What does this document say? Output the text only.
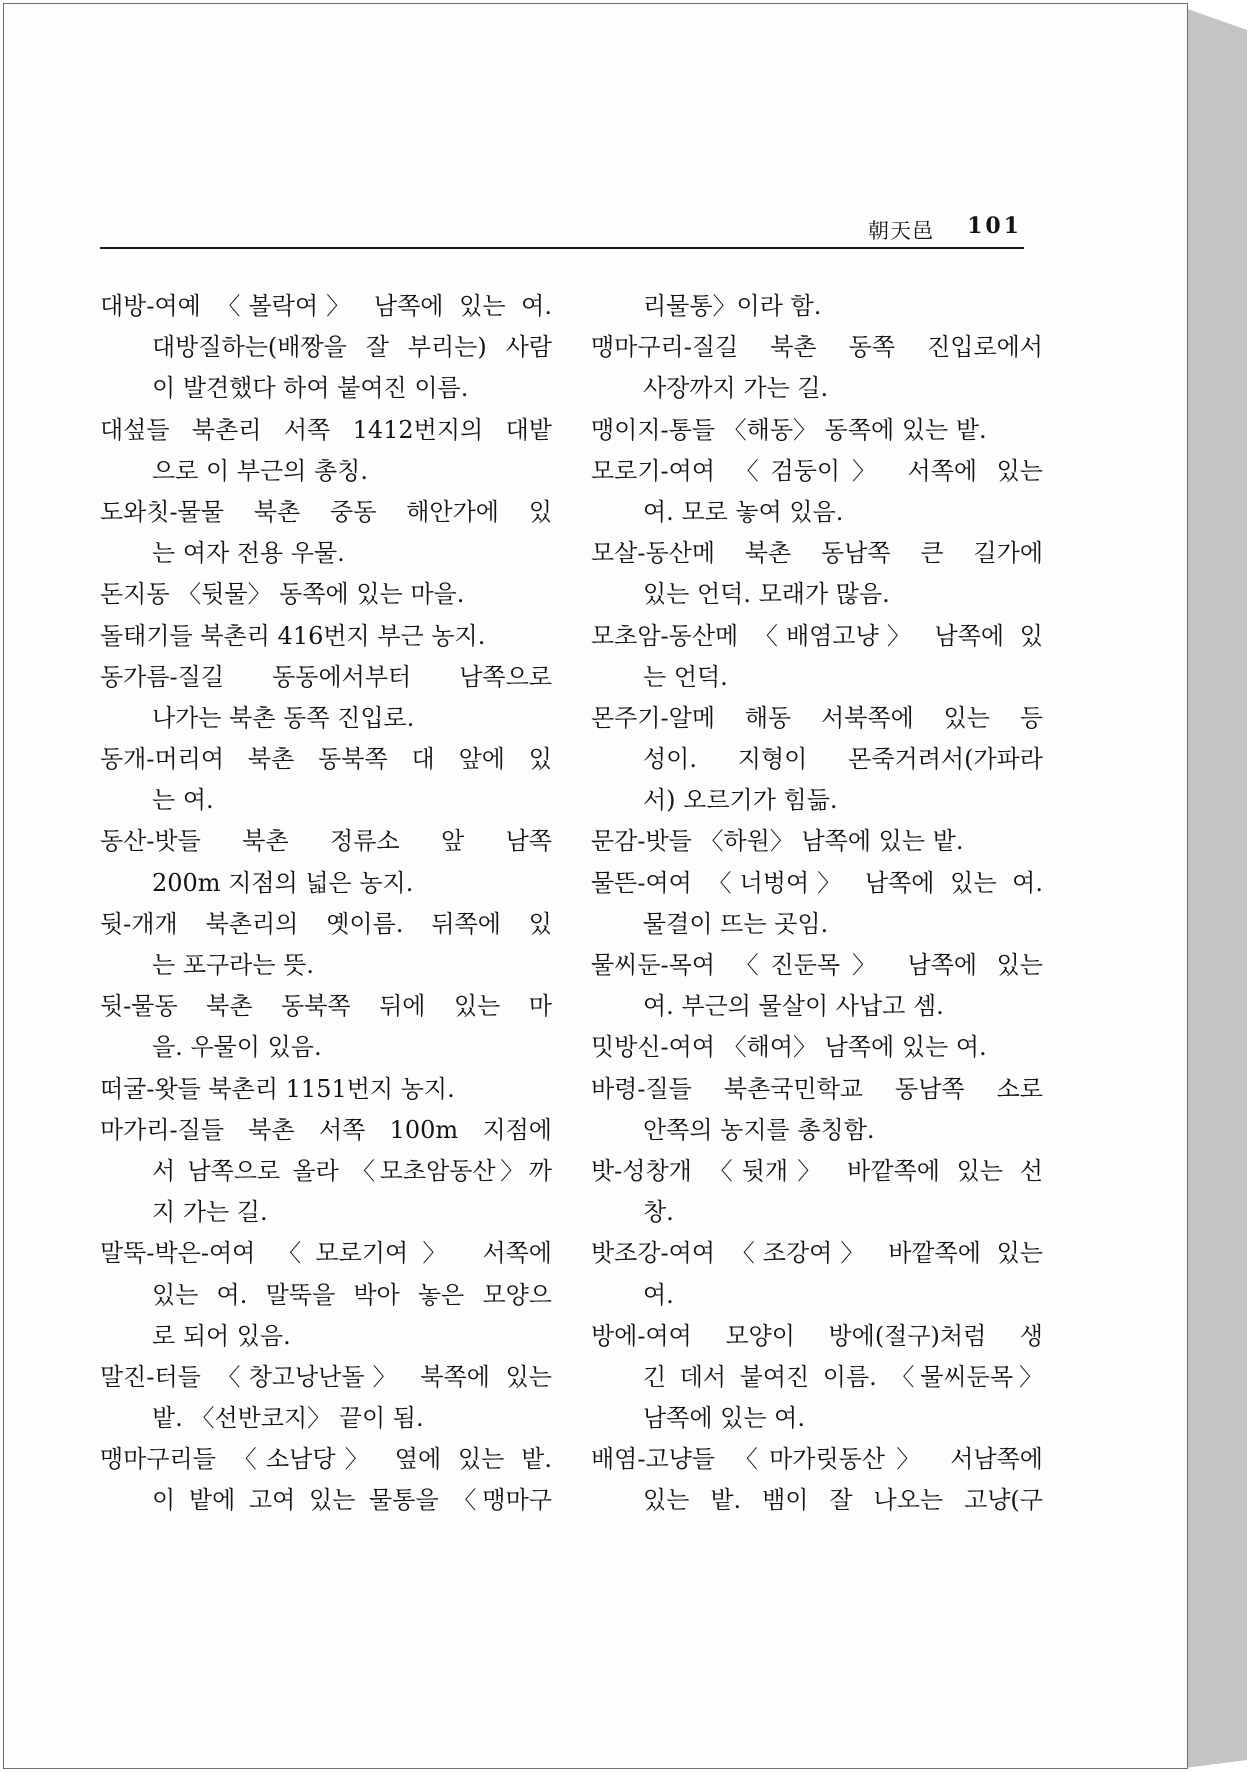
朝天邑 101
대방-여예 〈볼락여〉 남쪽에 있는 여.
대방질하는(배짱을 잘 부리는) 사람
이 발견했다 하여 붙여진 이름.
대섶들 북촌리 서쪽 1412번지의 대밭
으로 이 부근의 총칭.
도와칫-물물 북촌 중동 해안가에 있
는 여자 전용 우물.
돈지동 〈뒷물〉 동쪽에 있는 마을.
돌태기들 북촌리 416번지 부근 농지.
동가름-질길 동동에서부터 남쪽으로
나가는 북촌 동쪽 진입로.
동개-머리여 북촌 동북쪽 대 앞에 있
는 여.
동산-밧들 북촌 정류소 앞 남쪽
200m 지점의 넓은 농지.
뒷-개개 북촌리의 옛이름. 뒤쪽에 있
는 포구라는 뜻.
뒷-물동 북촌 동북쪽 뒤에 있는 마
을. 우물이 있음.
떠굴-왓들 북촌리 1151번지 농지.
마가리-질들 북촌 서쪽 100m 지점에
서 남쪽으로 올라 〈모초암동산〉까
지 가는 길.
말뚝-박은-여여 〈모로기여〉 서쪽에
있는 여. 말뚝을 박아 놓은 모양으
로 되어 있음.
말진-터들 〈창고낭난돌〉 북쪽에 있는
밭. 〈선반코지〉 끝이 됨.
맹마구리들 〈소남당〉 옆에 있는 밭.
이 밭에 고여 있는 물통을 〈맹마구
리물통〉이라 함.
맹마구리-질길 북촌 동쪽 진입로에서
사장까지 가는 길.
맹이지-통들 〈해동〉 동쪽에 있는 밭.
모로기-여여 〈검둥이〉 서쪽에 있는
여. 모로 놓여 있음.
모살-동산메 북촌 동남쪽 큰 길가에
있는 언덕. 모래가 많음.
모초암-동산메 〈배염고냥〉 남쪽에 있
는 언덕.
몬주기-알메 해동 서북쪽에 있는 등
성이. 지형이 몬죽거려서(가파라
서) 오르기가 힘듦.
문감-밧들 〈하원〉 남쪽에 있는 밭.
물뜬-여여 〈너벙여〉 남쪽에 있는 여.
물결이 뜨는 곳임.
물씨둔-목여 〈진둔목〉 남쪽에 있는
여. 부근의 물살이 사납고 셈.
밋방신-여여 〈해여〉 남쪽에 있는 여.
바령-질들 북촌국민학교 동남쪽 소로
안쪽의 농지를 총칭함.
밧-성창개 〈뒷개〉 바깥쪽에 있는 선
창.
밧조강-여여 〈조강여〉 바깥쪽에 있는
여.
방에-여여 모양이 방에(절구)처럼 생
긴 데서 붙여진 이름. 〈물씨둔목〉
남쪽에 있는 여.
배염-고냥들 〈마가릿동산〉 서남쪽에
있는 밭. 뱀이 잘 나오는 고냥(구
